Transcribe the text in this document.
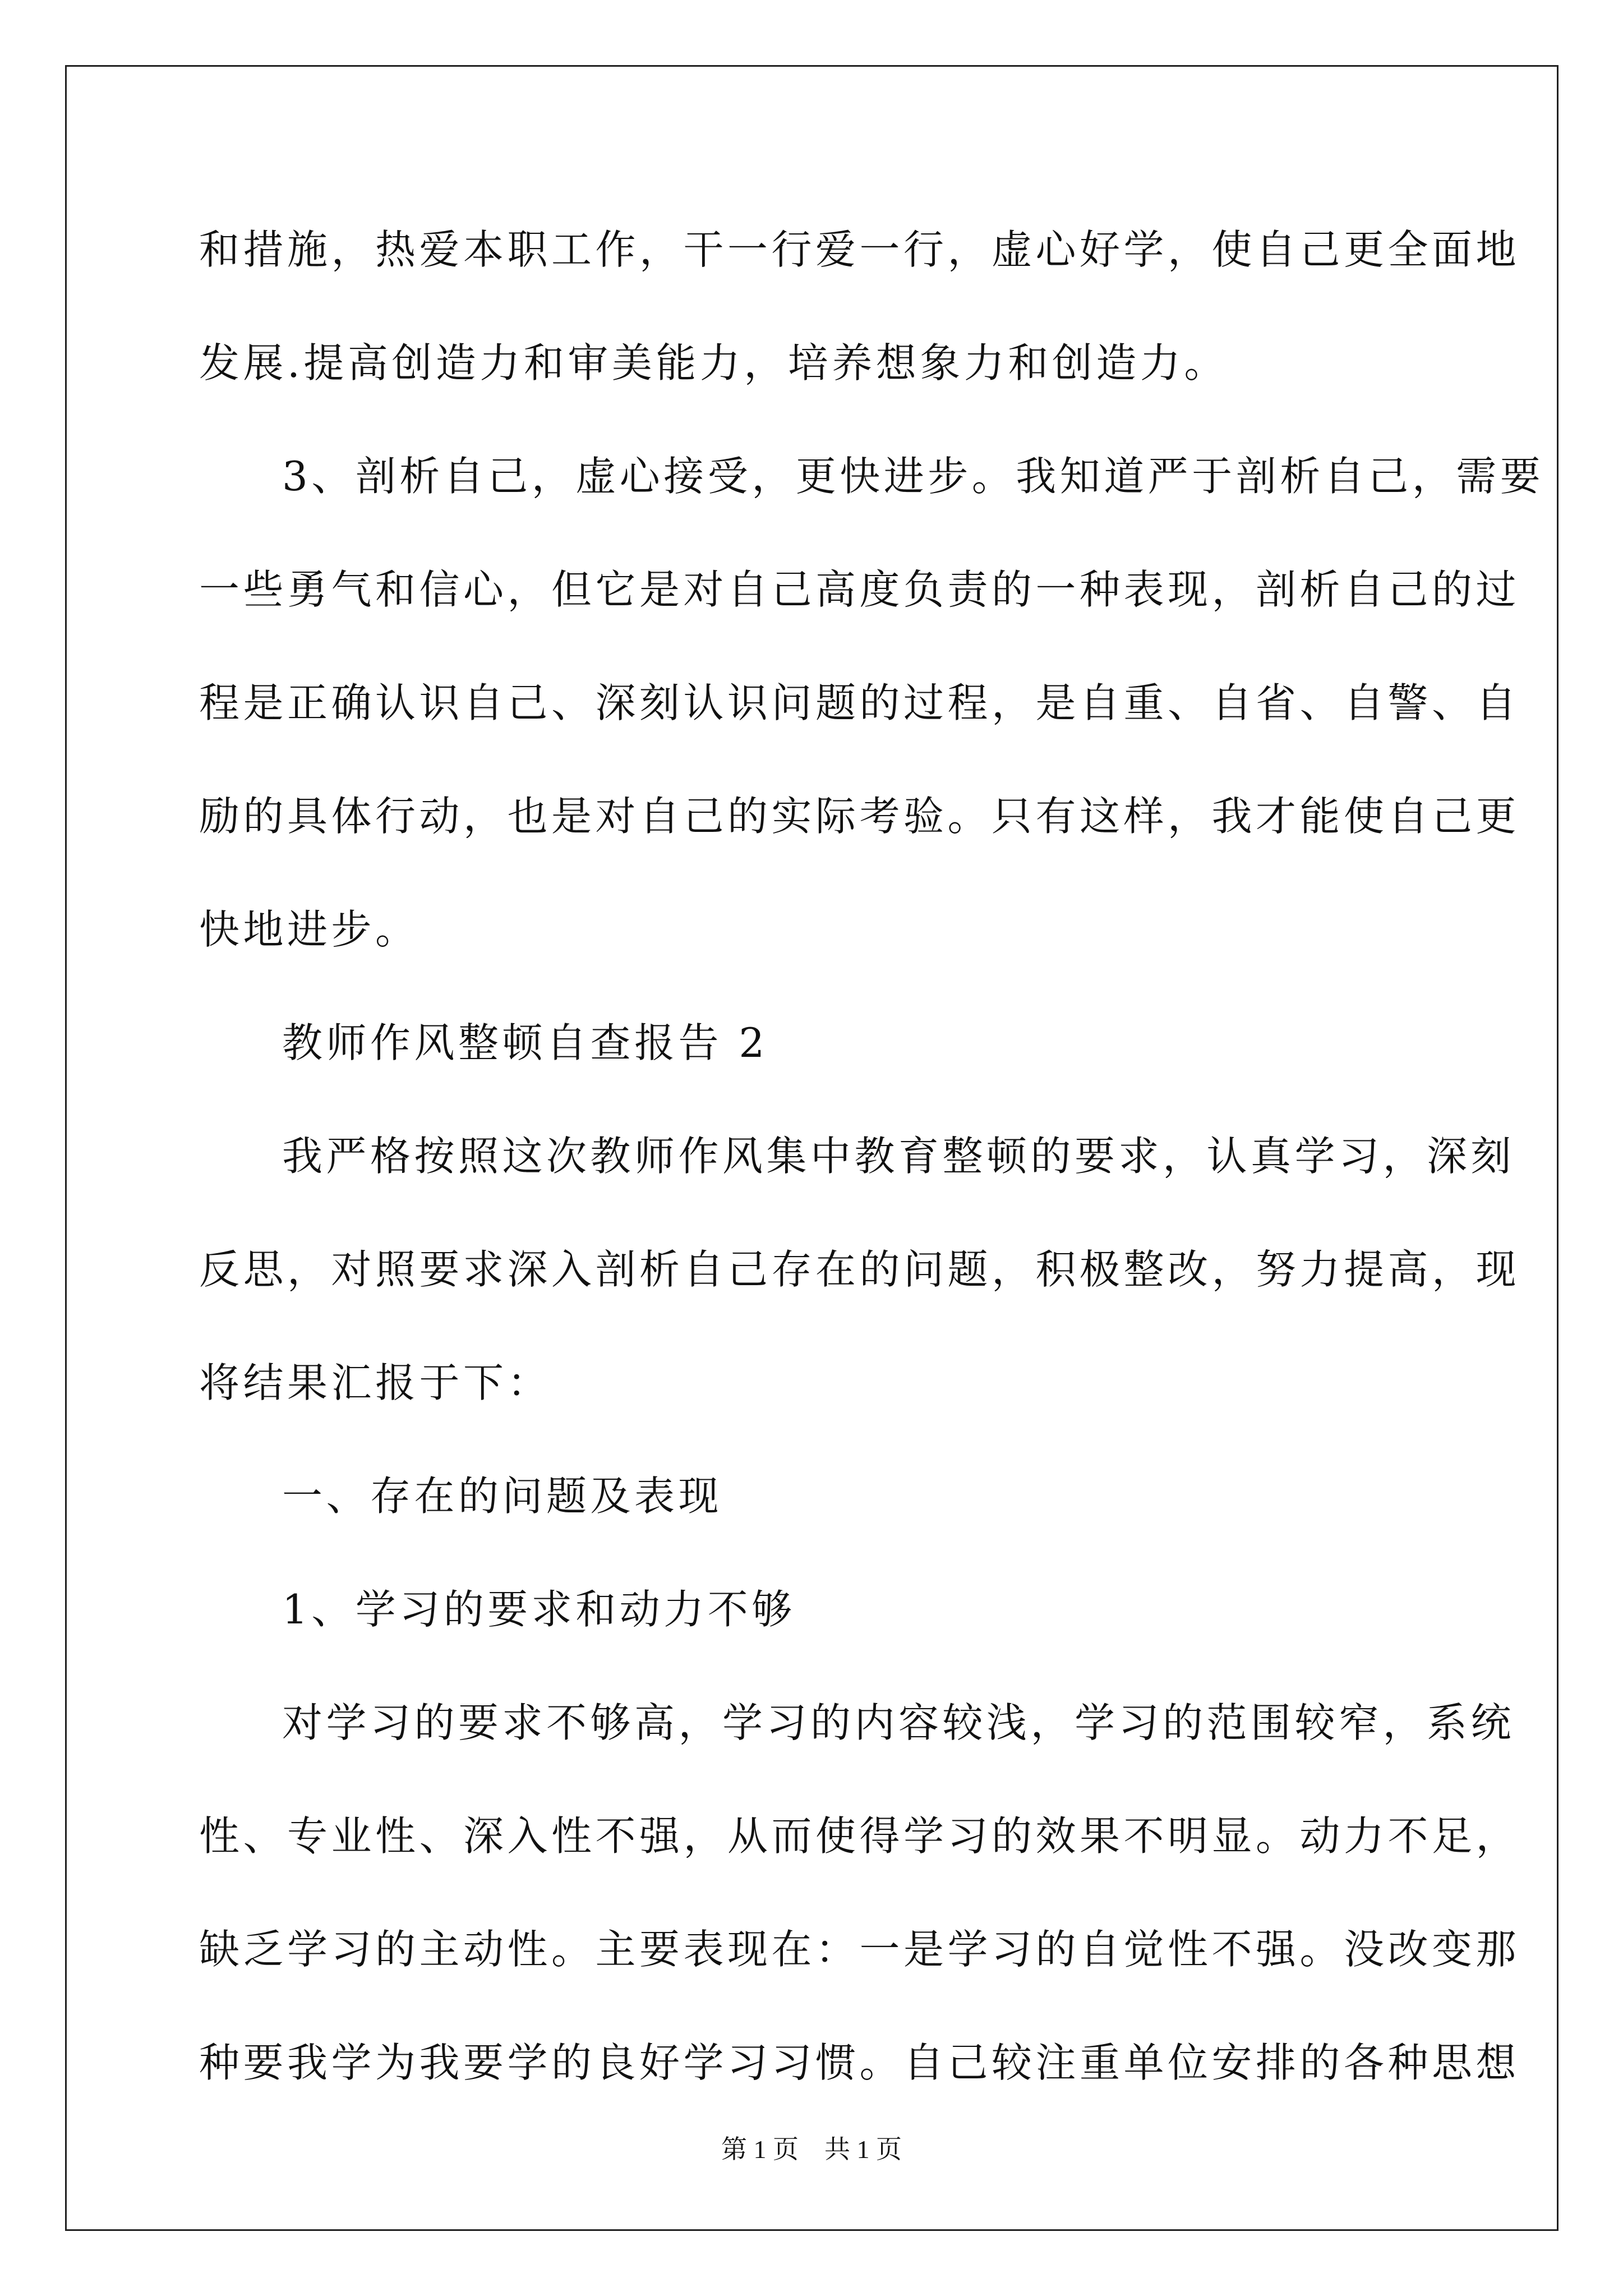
和措施，热爱本职工作，干一行爱一行，虚心好学，使自己更全面地
发展.提高创造力和审美能力，培养想象力和创造力。
3、剖析自己，虚心接受，更快进步。我知道严于剖析自己，需要
一些勇气和信心，但它是对自己高度负责的一种表现，剖析自己的过
程是正确认识自己、深刻认识问题的过程，是自重、自省、自警、自
励的具体行动，也是对自己的实际考验。只有这样，我才能使自己更
快地进步。
教师作风整顿自查报告 2
我严格按照这次教师作风集中教育整顿的要求，认真学习，深刻
反思，对照要求深入剖析自己存在的问题，积极整改，努力提高，现
将结果汇报于下：
一、存在的问题及表现
1、学习的要求和动力不够
对学习的要求不够高，学习的内容较浅，学习的范围较窄，系统
性、专业性、深入性不强，从而使得学习的效果不明显。动力不足，
缺乏学习的主动性。主要表现在：一是学习的自觉性不强。没改变那
种要我学为我要学的良好学习习惯。自己较注重单位安排的各种思想
第 1 页　共 1 页
